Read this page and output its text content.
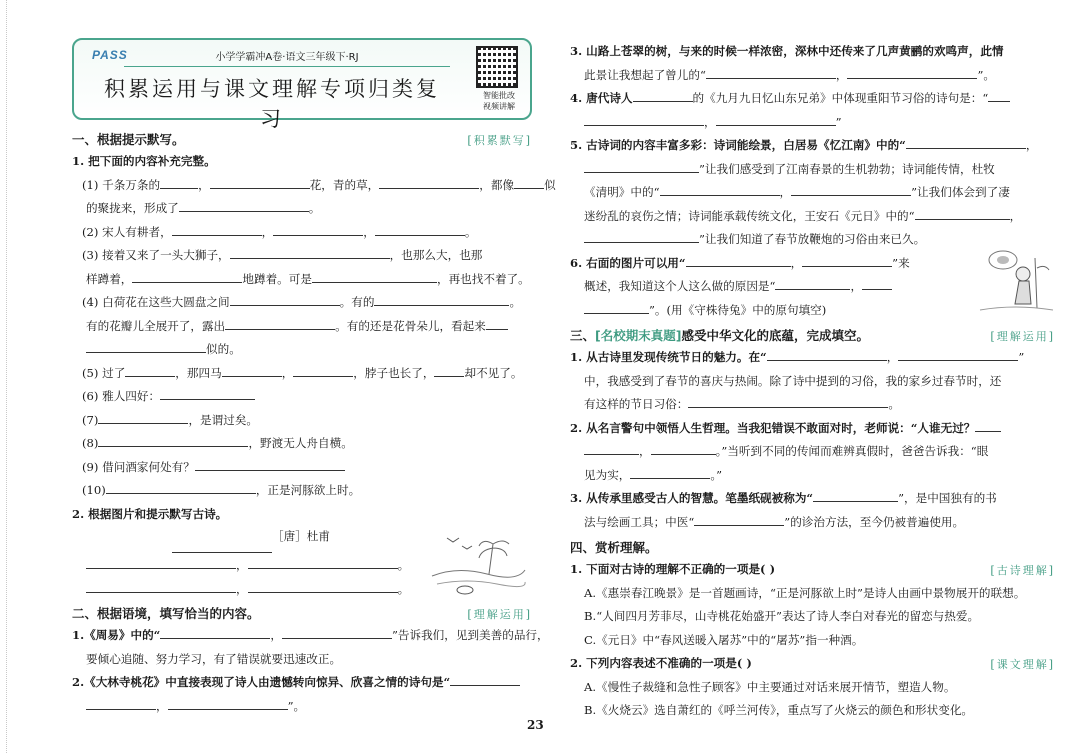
PASS	小学学霸冲A卷·语文三年级下·RJ
积累运用与课文理解专项归类复习
智能批改
视频讲解
一、根据提示默写。	[积累默写]
1. 把下面的内容补充完整。
(1) 千条万条的	，	花，青的草，	，都像	似
的聚拢来，形成了	。
(2) 宋人有耕者，	，	，	。
(3) 接着又来了一头大狮子，	，也那么大，也那
样蹲着，	地蹲着。可是	，再也找不着了。
(4) 白荷花在这些大圆盘之间	。有的	。
有的花瓣儿全展开了，露出	。有的还是花骨朵儿，看起来
似的。
(5) 过了	，那四马	，	，脖子也长了，	却不见了。
(6) 雅人四好：
(7)	，是谓过矣。
(8)	，野渡无人舟自横。
(9) 借问酒家何处有？
(10)	，正是河豚欲上时。
2. 根据图片和提示默写古诗。
［唐］杜甫
，	。
，	。
二、根据语境，填写恰当的内容。	[理解运用]
1.《周易》中的“	，	”告诉我们，见到美善的品行，
要倾心追随、努力学习，有了错误就要迅速改正。
2.《大林寺桃花》中直接表现了诗人由遗憾转向惊异、欣喜之情的诗句是“
，	”。
3. 山路上苍翠的树，与来的时候一样浓密，深林中还传来了几声黄鹂的欢鸣声，此情
此景让我想起了曾儿的“	，	”。
4. 唐代诗人	的《九月九日忆山东兄弟》中体现重阳节习俗的诗句是：“
，	”
5. 古诗词的内容丰富多彩：诗词能绘景，白居易《忆江南》中的“	，
”让我们感受到了江南春景的生机勃勃；诗词能传情，杜牧
《清明》中的“	，	”让我们体会到了凄
迷纷乱的哀伤之情；诗词能承载传统文化，王安石《元日》中的“	，
”让我们知道了春节放鞭炮的习俗由来已久。
6. 右面的图片可以用“	，	”来
概述，我知道这个人这么做的原因是“	，
”。(用《守株待兔》中的原句填空)
三、[名校期末真题]感受中华文化的底蕴，完成填空。	[理解运用]
1. 从古诗里发现传统节日的魅力。在“	，	”
中，我感受到了春节的喜庆与热闹。除了诗中提到的习俗，我的家乡过春节时，还
有这样的节日习俗：	。
2. 从名言警句中领悟人生哲理。当我犯错误不敢面对时，老师说：“人谁无过？
，	。”当听到不同的传闻而难辨真假时，爸爸告诉我：“眼
见为实，	。”
3. 从传承里感受古人的智慧。笔墨纸砚被称为“	”，是中国独有的书
法与绘画工具；中医“	”的诊治方法，至今仍被普遍使用。
四、赏析理解。
1. 下面对古诗的理解不正确的一项是( )	[古诗理解]
A.《惠崇春江晚景》是一首题画诗，“正是河豚欲上时”是诗人由画中景物展开的联想。
B.“人间四月芳菲尽，山寺桃花始盛开”表达了诗人李白对春光的留恋与热爱。
C.《元日》中“春风送暖入屠苏”中的“屠苏”指一种酒。
2. 下列内容表述不准确的一项是( )	[课文理解]
A.《慢性子裁缝和急性子顾客》中主要通过对话来展开情节，塑造人物。
B.《火烧云》选自萧红的《呼兰河传》，重点写了火烧云的颜色和形状变化。
23
